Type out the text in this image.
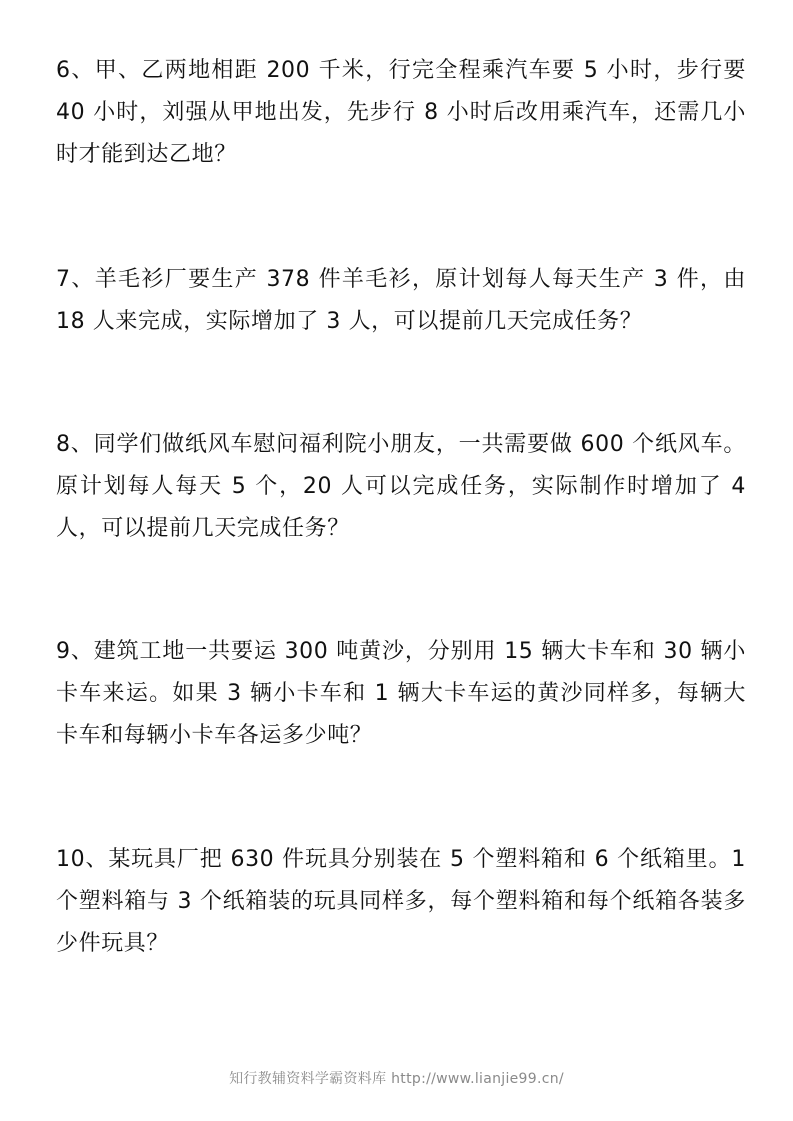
6、甲、乙两地相距 200 千米，行完全程乘汽车要 5 小时，步行要 40 小时，刘强从甲地出发，先步行 8 小时后改用乘汽车，还需几小时才能到达乙地？

7、羊毛衫厂要生产 378 件羊毛衫，原计划每人每天生产 3 件，由 18 人来完成，实际增加了 3 人，可以提前几天完成任务？

8、同学们做纸风车慰问福利院小朋友，一共需要做 600 个纸风车。原计划每人每天 5 个，20 人可以完成任务，实际制作时增加了 4 人，可以提前几天完成任务？

9、建筑工地一共要运 300 吨黄沙，分别用 15 辆大卡车和 30 辆小卡车来运。如果 3 辆小卡车和 1 辆大卡车运的黄沙同样多，每辆大卡车和每辆小卡车各运多少吨？

10、某玩具厂把 630 件玩具分别装在 5 个塑料箱和 6 个纸箱里。1 个塑料箱与 3 个纸箱装的玩具同样多，每个塑料箱和每个纸箱各装多少件玩具？

知行教辅资料学霸资料库 http://www.lianjie99.cn/
